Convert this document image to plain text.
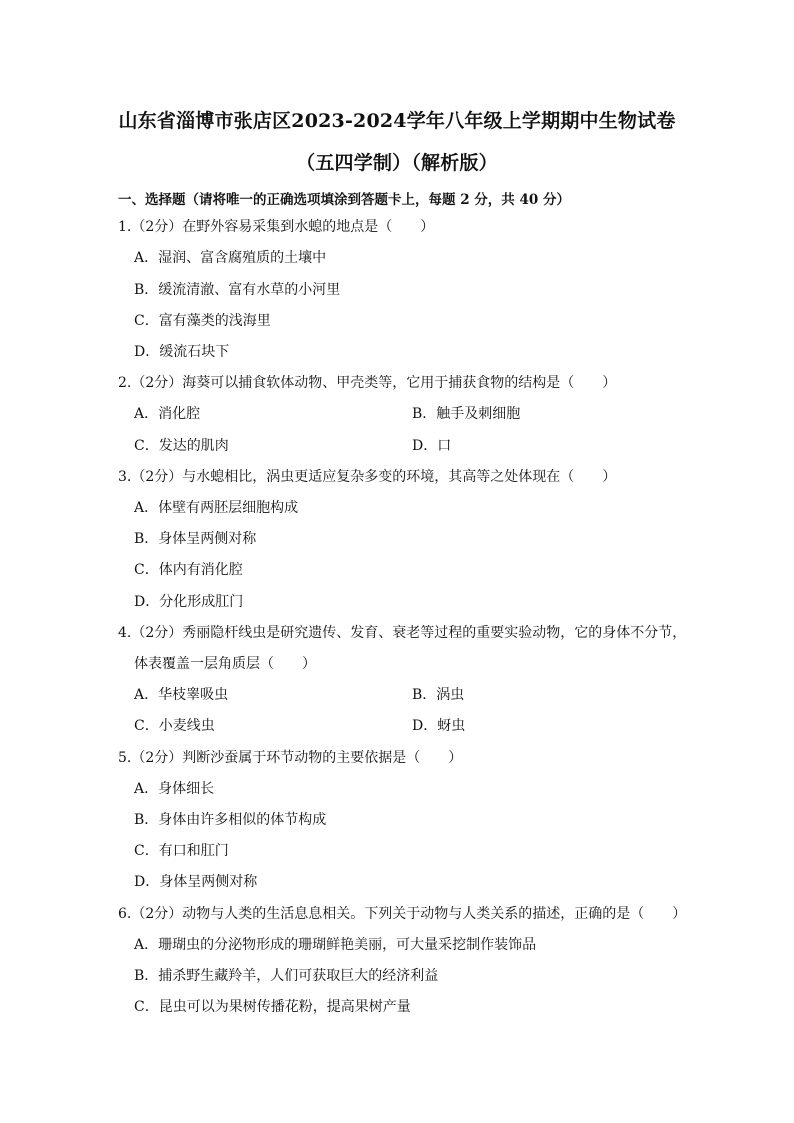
山东省淄博市张店区2023-2024学年八年级上学期期中生物试卷
（五四学制）（解析版）
一、选择题（请将唯一的正确选项填涂到答题卡上，每题 2 分，共 40 分）
1.（2分）在野外容易采集到水螅的地点是（　　）
A．湿润、富含腐殖质的土壤中
B．缓流清澈、富有水草的小河里
C．富有藻类的浅海里
D．缓流石块下
2.（2分）海葵可以捕食软体动物、甲壳类等，它用于捕获食物的结构是（　　）
A．消化腔	B．触手及刺细胞
C．发达的肌肉	D．口
3.（2分）与水螅相比，涡虫更适应复杂多变的环境，其高等之处体现在（　　）
A．体壁有两胚层细胞构成
B．身体呈两侧对称
C．体内有消化腔
D．分化形成肛门
4.（2分）秀丽隐杆线虫是研究遗传、发育、衰老等过程的重要实验动物，它的身体不分节，
体表覆盖一层角质层（　　）
A．华枝睾吸虫	B．涡虫
C．小麦线虫	D．蚜虫
5.（2分）判断沙蚕属于环节动物的主要依据是（　　）
A．身体细长
B．身体由许多相似的体节构成
C．有口和肛门
D．身体呈两侧对称
6.（2分）动物与人类的生活息息相关。下列关于动物与人类关系的描述，正确的是（　　）
A．珊瑚虫的分泌物形成的珊瑚鲜艳美丽，可大量采挖制作装饰品
B．捕杀野生藏羚羊，人们可获取巨大的经济利益
C．昆虫可以为果树传播花粉，提高果树产量
